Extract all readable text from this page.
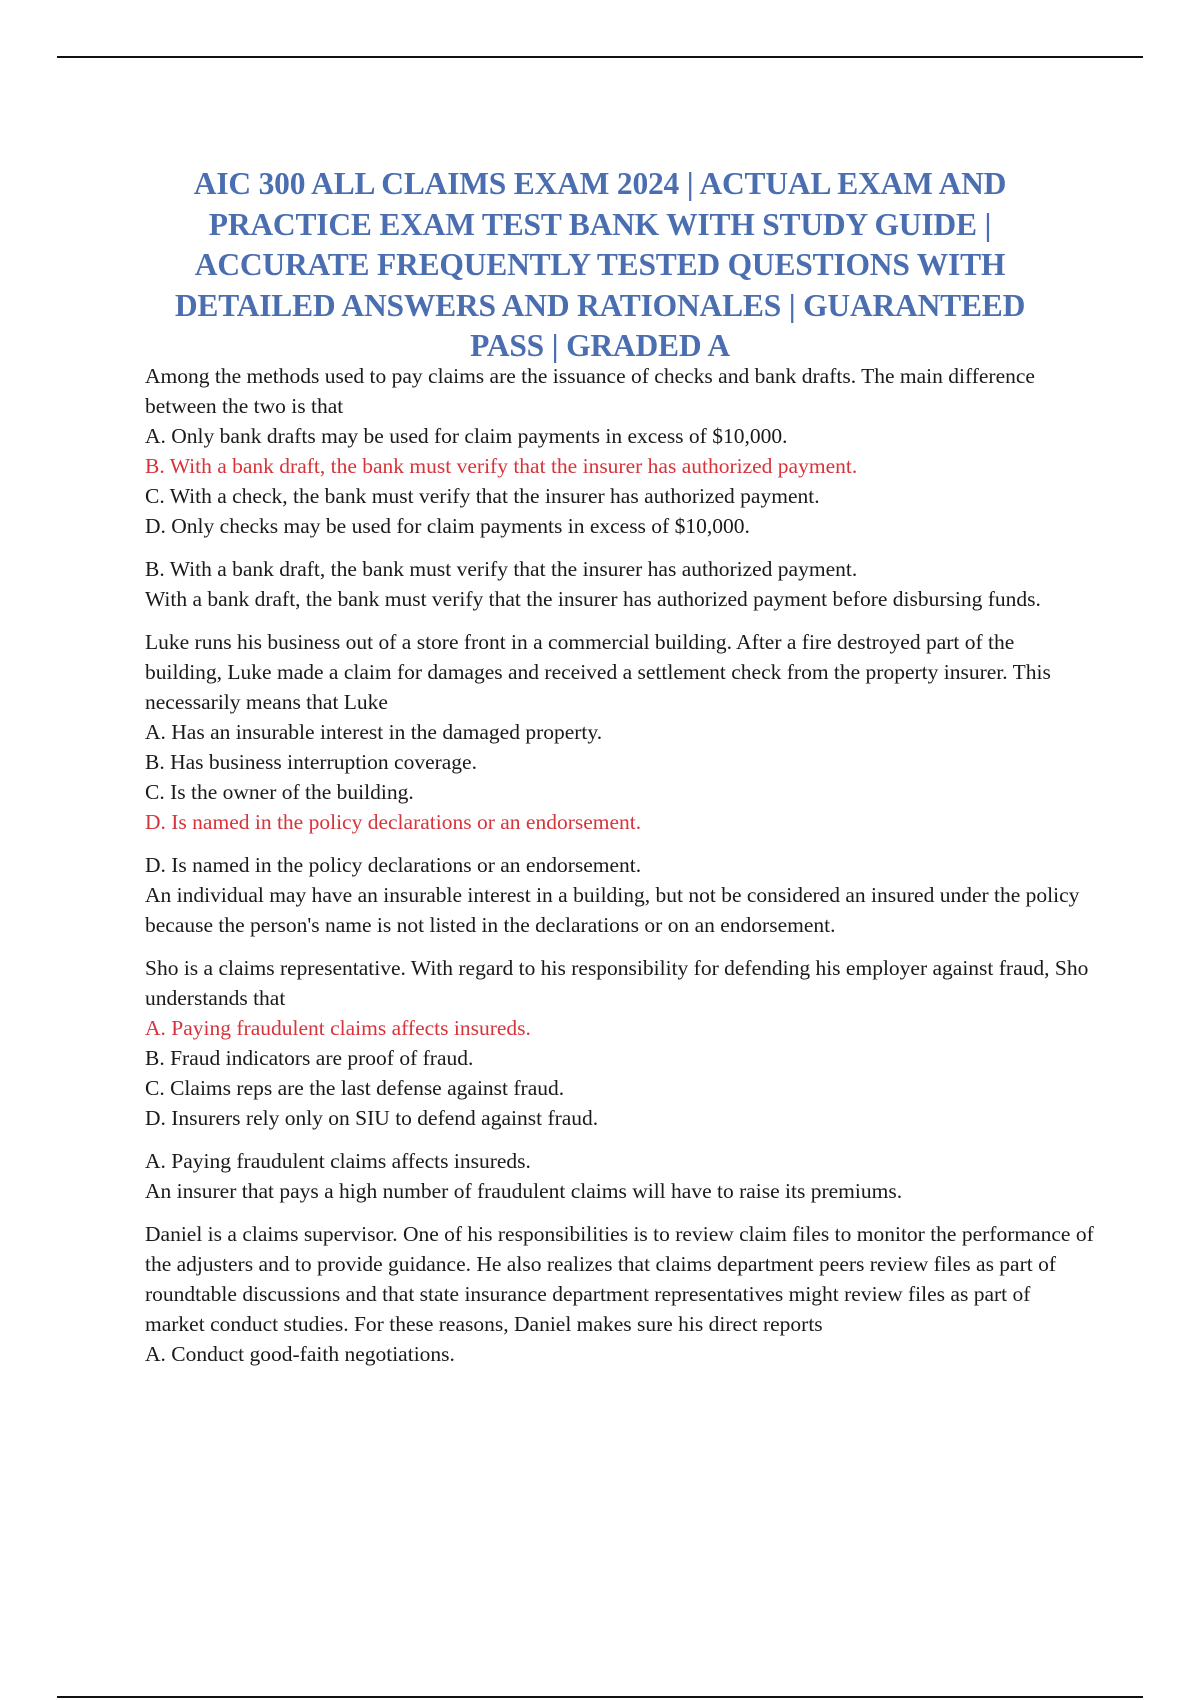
AIC 300 ALL CLAIMS EXAM 2024 | ACTUAL EXAM AND PRACTICE EXAM TEST BANK WITH STUDY GUIDE | ACCURATE FREQUENTLY TESTED QUESTIONS WITH DETAILED ANSWERS AND RATIONALES | GUARANTEED PASS | GRADED A
Among the methods used to pay claims are the issuance of checks and bank drafts. The main difference between the two is that
A. Only bank drafts may be used for claim payments in excess of $10,000.
B. With a bank draft, the bank must verify that the insurer has authorized payment.
C. With a check, the bank must verify that the insurer has authorized payment.
D. Only checks may be used for claim payments in excess of $10,000.
B. With a bank draft, the bank must verify that the insurer has authorized payment.
With a bank draft, the bank must verify that the insurer has authorized payment before disbursing funds.
Luke runs his business out of a store front in a commercial building. After a fire destroyed part of the building, Luke made a claim for damages and received a settlement check from the property insurer. This necessarily means that Luke
A. Has an insurable interest in the damaged property.
B. Has business interruption coverage.
C. Is the owner of the building.
D. Is named in the policy declarations or an endorsement.
D. Is named in the policy declarations or an endorsement.
An individual may have an insurable interest in a building, but not be considered an insured under the policy because the person's name is not listed in the declarations or on an endorsement.
Sho is a claims representative. With regard to his responsibility for defending his employer against fraud, Sho understands that
A. Paying fraudulent claims affects insureds.
B. Fraud indicators are proof of fraud.
C. Claims reps are the last defense against fraud.
D. Insurers rely only on SIU to defend against fraud.
A. Paying fraudulent claims affects insureds.
An insurer that pays a high number of fraudulent claims will have to raise its premiums.
Daniel is a claims supervisor. One of his responsibilities is to review claim files to monitor the performance of the adjusters and to provide guidance. He also realizes that claims department peers review files as part of roundtable discussions and that state insurance department representatives might review files as part of market conduct studies. For these reasons, Daniel makes sure his direct reports
A. Conduct good-faith negotiations.
